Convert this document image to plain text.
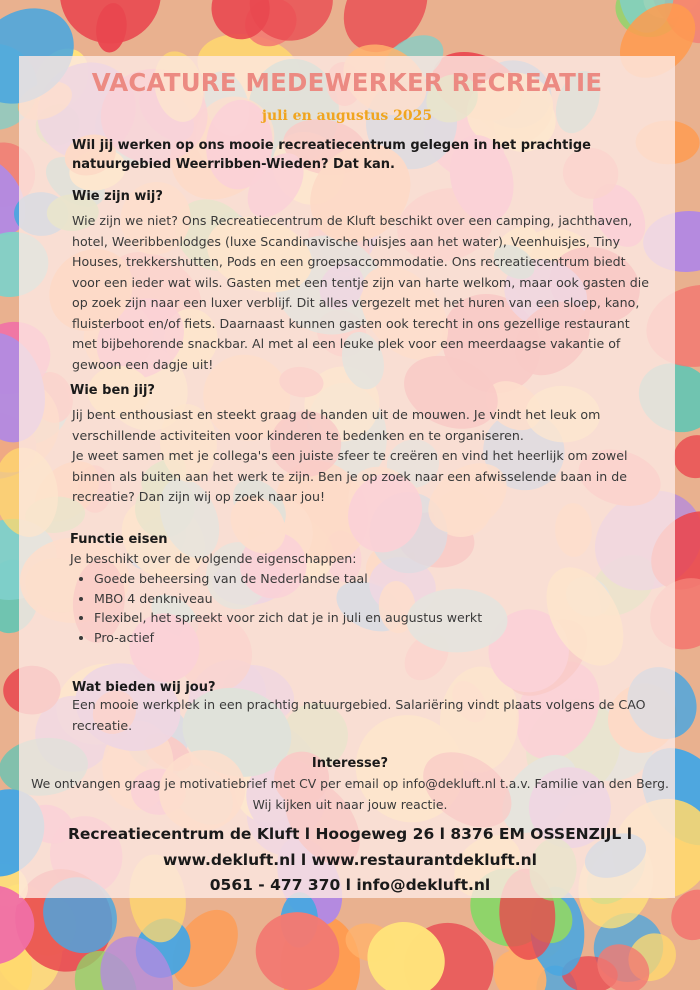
VACATURE MEDEWERKER RECREATIE

juli en augustus 2025

Wil jij werken op ons mooie recreatiecentrum gelegen in het prachtige
natuurgebied Weerribben-Wieden? Dat kan.

Wie zijn wij?

Wie zijn we niet? Ons Recreatiecentrum de Kluft beschikt over een camping, jachthaven,
hotel, Weeribbenlodges (luxe Scandinavische huisjes aan het water), Veenhuisjes, Tiny
Houses, trekkershutten, Pods en een groepsaccommodatie. Ons recreatiecentrum biedt
voor een ieder wat wils. Gasten met een tentje zijn van harte welkom, maar ook gasten die
op zoek zijn naar een luxer verblijf. Dit alles vergezelt met het huren van een sloep, kano,
fluisterboot en/of fiets. Daarnaast kunnen gasten ook terecht in ons gezellige restaurant
met bijbehorende snackbar. Al met al een leuke plek voor een meerdaagse vakantie of
gewoon een dagje uit!

Wie ben jij?

Jij bent enthousiast en steekt graag de handen uit de mouwen. Je vindt het leuk om
verschillende activiteiten voor kinderen te bedenken en te organiseren.
Je weet samen met je collega's een juiste sfeer te creëren en vind het heerlijk om zowel
binnen als buiten aan het werk te zijn. Ben je op zoek naar een afwisselende baan in de
recreatie? Dan zijn wij op zoek naar jou!

Functie eisen

Je beschikt over de volgende eigenschappen:

• Goede beheersing van de Nederlandse taal
• MBO 4 denkniveau
• Flexibel, het spreekt voor zich dat je in juli en augustus werkt
• Pro-actief
Wat bieden wij jou?

Een mooie werkplek in een prachtig natuurgebied. Salariëring vindt plaats volgens de CAO
recreatie.

Interesse?

We ontvangen graag je motivatiebrief met CV per email op info@dekluft.nl t.a.v. Familie van den Berg.
Wij kijken uit naar jouw reactie.

Recreatiecentrum de Kluft l Hoogeweg 26 l 8376 EM OSSENZIJL l
www.dekluft.nl l www.restaurantdekluft.nl
0561 - 477 370 l info@dekluft.nl
